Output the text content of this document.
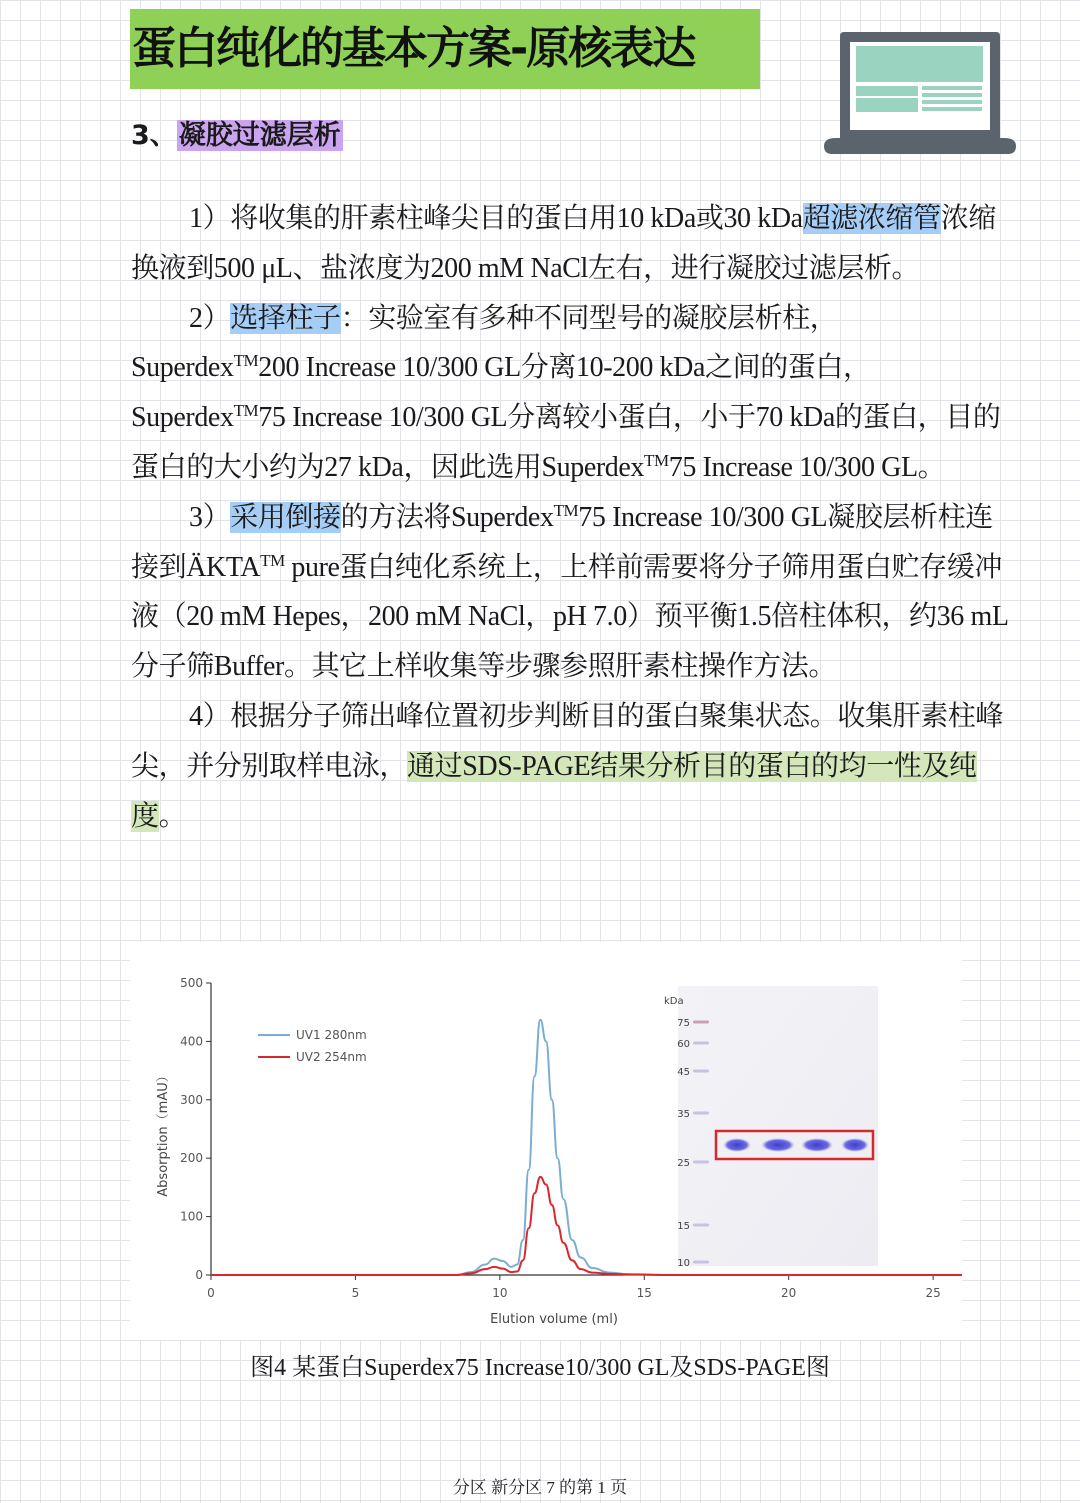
蛋白纯化的基本方案-原核表达
3、凝胶过滤层析

1）将收集的肝素柱峰尖目的蛋白用10 kDa或30 kDa超滤浓缩管浓缩换液到500 μL、盐浓度为200 mM NaCl左右，进行凝胶过滤层析。

2）选择柱子：实验室有多种不同型号的凝胶层析柱，
Superdex™200 Increase 10/300 GL分离10-200 kDa之间的蛋白，
Superdex™75 Increase 10/300 GL分离较小蛋白，小于70 kDa的蛋白，目的蛋白的大小约为27 kDa，因此选用Superdex™75 Increase 10/300 GL。

3）采用倒接的方法将Superdex™75 Increase 10/300 GL凝胶层析柱连接到ÄKTA™ pure蛋白纯化系统上，上样前需要将分子筛用蛋白贮存缓冲液（20 mM Hepes，200 mM NaCl，pH 7.0）预平衡1.5倍柱体积，约36 mL分子筛Buffer。其它上样收集等步骤参照肝素柱操作方法。

4）根据分子筛出峰位置初步判断目的蛋白聚集状态。收集肝素柱峰尖，并分别取样电泳，通过SDS-PAGE结果分析目的蛋白的均一性及纯度。

0
100
200
300
400
500
0	5	10	15	20	25
UV1 280nm
UV2 254nm
kDa
75
60
45
35
25
15
10
Elution volume (ml)
Absorption（mAU）
图4 某蛋白Superdex75 Increase10/300 GL及SDS-PAGE图
分区 新分区 7 的第 1 页
